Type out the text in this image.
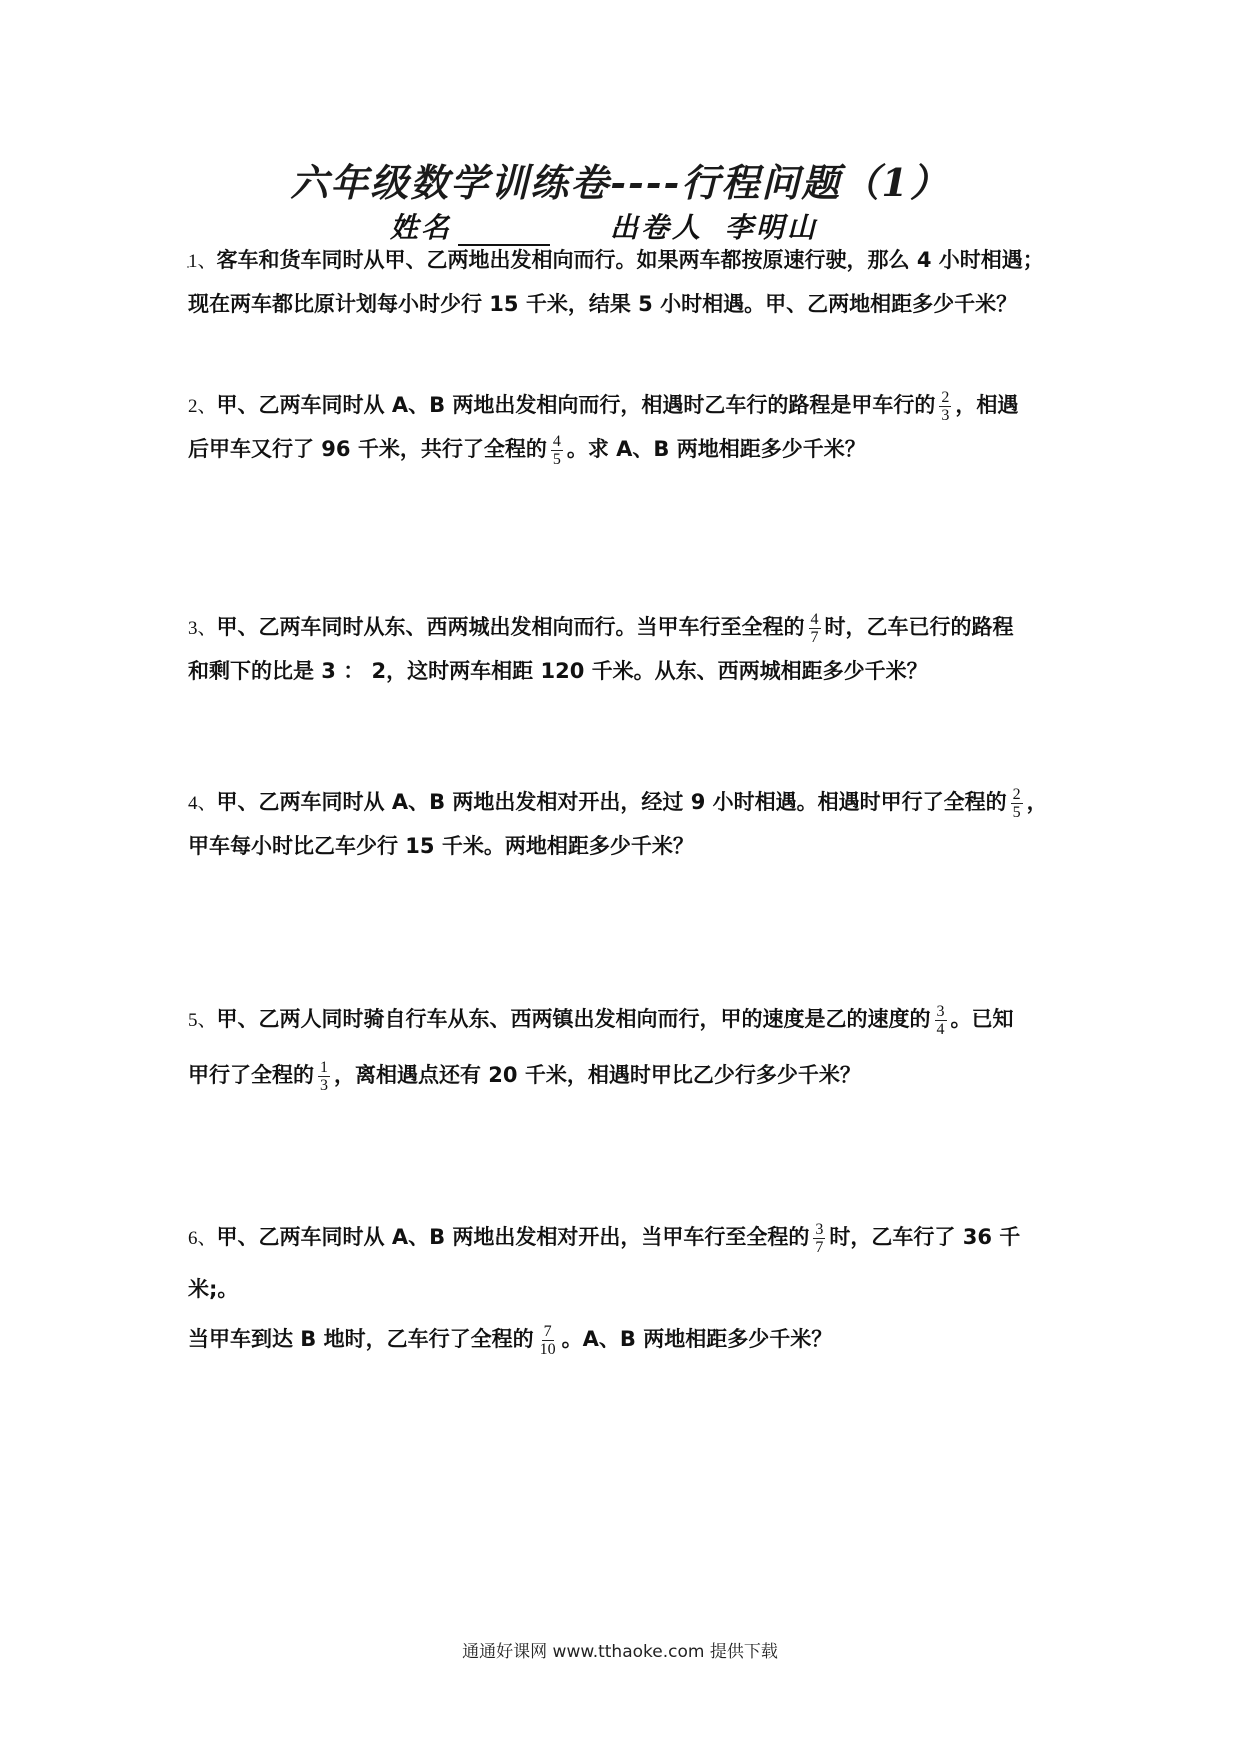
六年级数学训练卷----行程问题（1）
姓名	出卷人 李明山
1、客车和货车同时从甲、乙两地出发相向而行。如果两车都按原速行驶，那么 4 小时相遇；
现在两车都比原计划每小时少行 15 千米，结果 5 小时相遇。甲、乙两地相距多少千米？
2、甲、乙两车同时从 A、B 两地出发相向而行，相遇时乙车行的路程是甲车行的 $\frac{2}{3}$ ，相遇
后甲车又行了 96 千米，共行了全程的 $\frac{4}{5}$ 。求 A、B 两地相距多少千米？
3、甲、乙两车同时从东、西两城出发相向而行。当甲车行至全程的 $\frac{4}{7}$ 时，乙车已行的路程
和剩下的比是 3 ： 2，这时两车相距 120 千米。从东、西两城相距多少千米？
4、甲、乙两车同时从 A、B 两地出发相对开出，经过 9 小时相遇。相遇时甲行了全程的 $\frac{2}{5}$ ，
甲车每小时比乙车少行 15 千米。两地相距多少千米？
5、甲、乙两人同时骑自行车从东、西两镇出发相向而行，甲的速度是乙的速度的 $\frac{3}{4}$ 。已知
甲行了全程的 $\frac{1}{3}$ ，离相遇点还有 20 千米，相遇时甲比乙少行多少千米？
6、甲、乙两车同时从 A、B 两地出发相对开出，当甲车行至全程的 $\frac{3}{7}$ 时，乙车行了 36 千米;。
当甲车到达 B 地时，乙车行了全程的 $\frac{7}{10}$ 。A、B 两地相距多少千米？
通通好课网 www.tthaoke.com 提供下载
